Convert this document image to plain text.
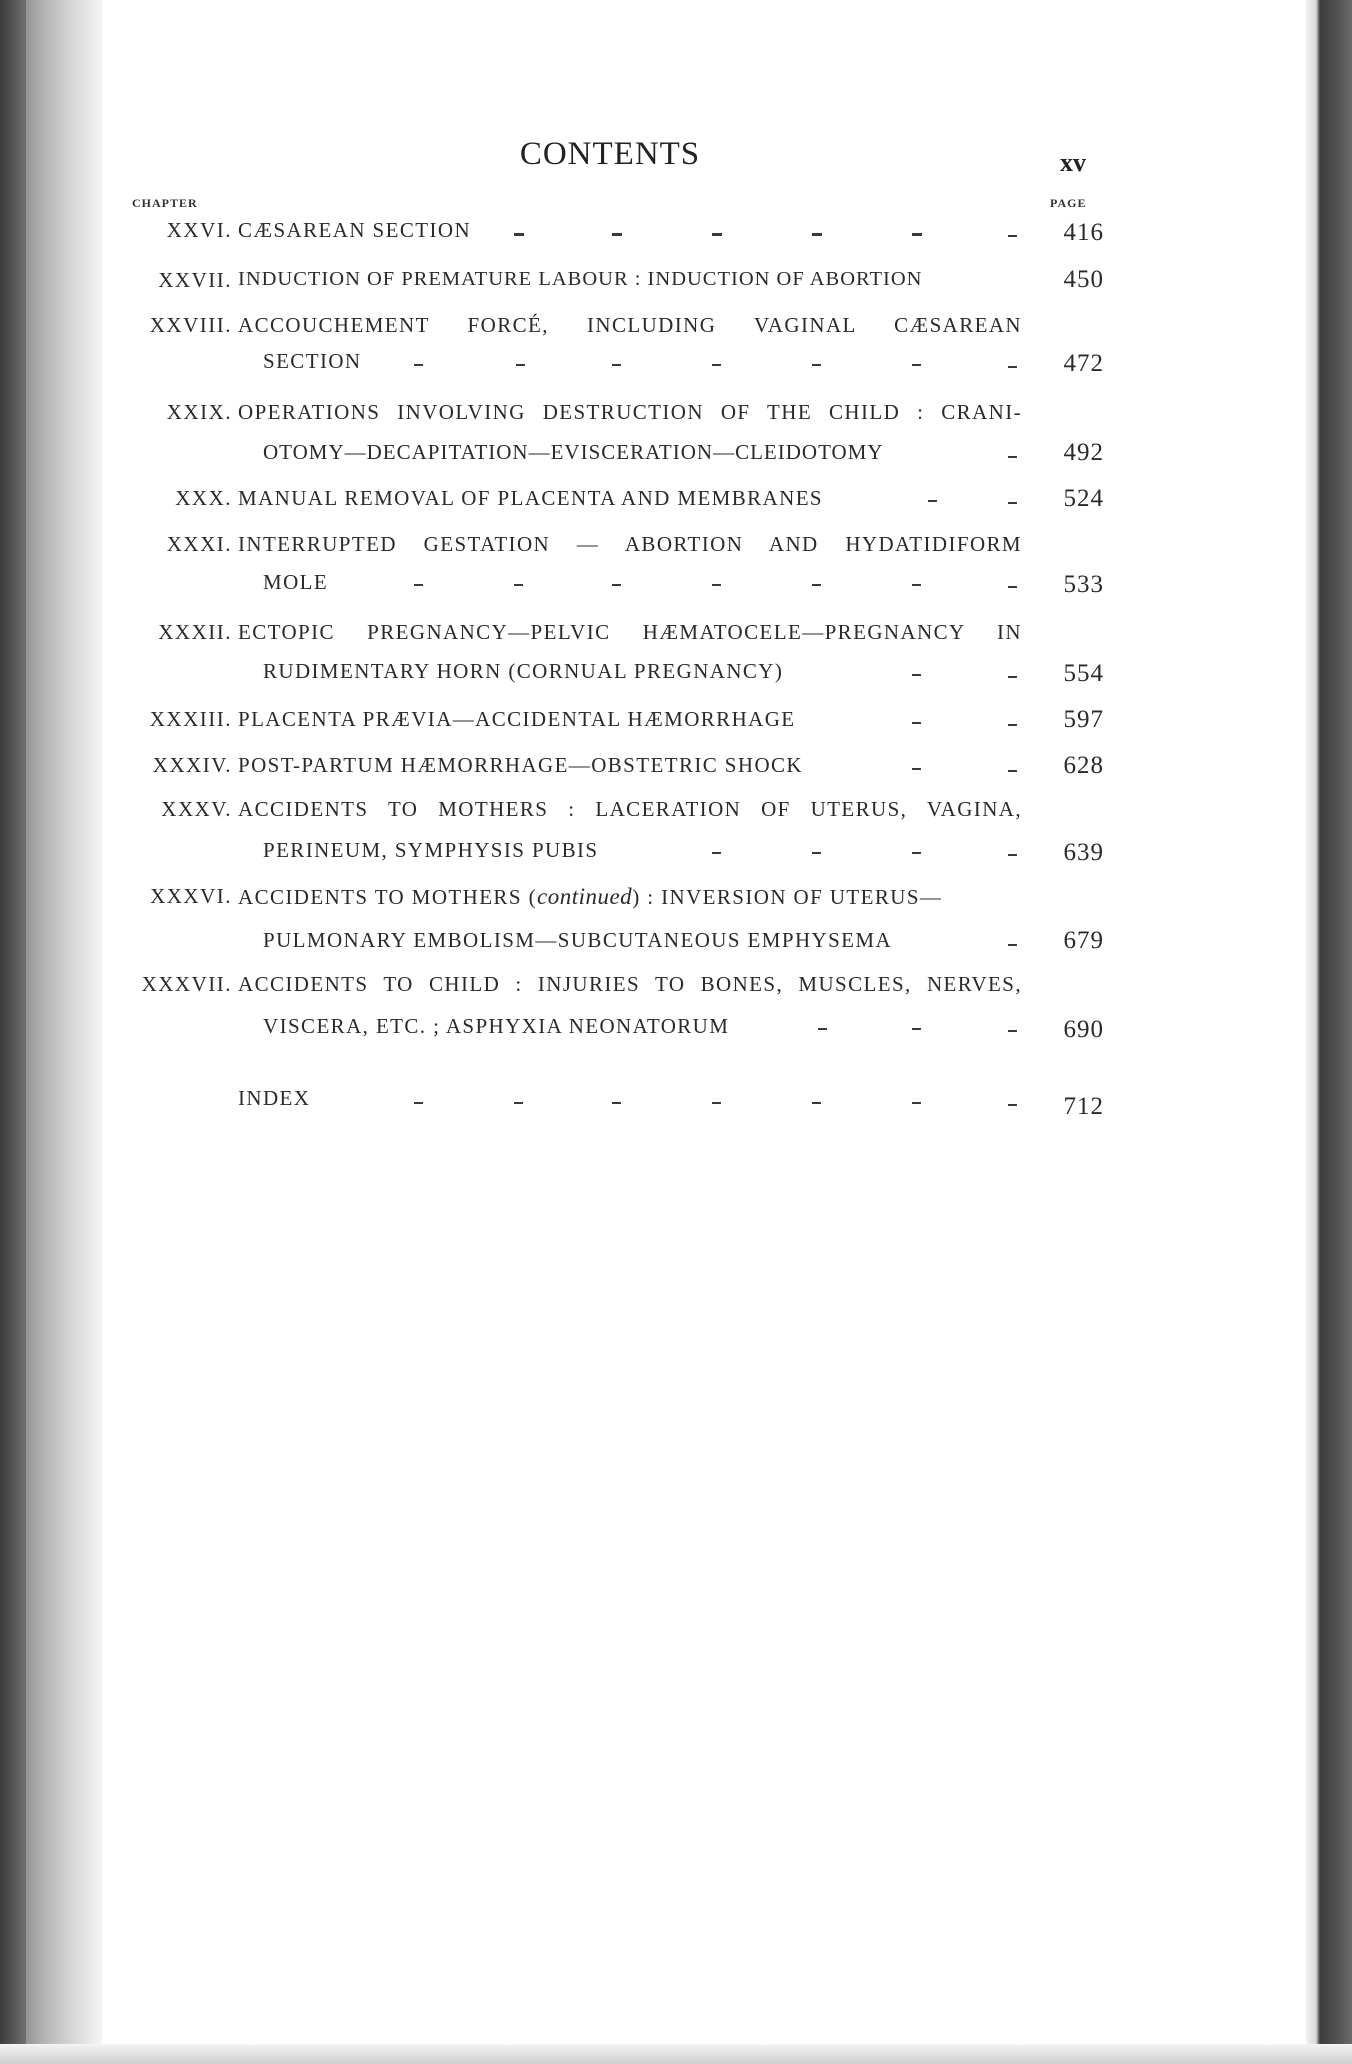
CONTENTS	xv
CHAPTER	PAGE
XXVI. CÆSAREAN SECTION	416
XXVII. INDUCTION OF PREMATURE LABOUR : INDUCTION OF ABORTION	450
XXVIII. ACCOUCHEMENT FORCÉ, INCLUDING VAGINAL CÆSAREAN
SECTION	472
XXIX. OPERATIONS INVOLVING DESTRUCTION OF THE CHILD : CRANI-
OTOMY—DECAPITATION—EVISCERATION—CLEIDOTOMY	492
XXX. MANUAL REMOVAL OF PLACENTA AND MEMBRANES	524
XXXI. INTERRUPTED GESTATION — ABORTION AND HYDATIDIFORM
MOLE	533
XXXII. ECTOPIC PREGNANCY—PELVIC HÆMATOCELE—PREGNANCY IN
RUDIMENTARY HORN (CORNUAL PREGNANCY)	554
XXXIII. PLACENTA PRÆVIA—ACCIDENTAL HÆMORRHAGE	597
XXXIV. POST-PARTUM HÆMORRHAGE—OBSTETRIC SHOCK	628
XXXV. ACCIDENTS TO MOTHERS : LACERATION OF UTERUS, VAGINA,
PERINEUM, SYMPHYSIS PUBIS	639
XXXVI. ACCIDENTS TO MOTHERS (continued) : INVERSION OF UTERUS—
PULMONARY EMBOLISM—SUBCUTANEOUS EMPHYSEMA	679
XXXVII. ACCIDENTS TO CHILD : INJURIES TO BONES, MUSCLES, NERVES,
VISCERA, ETC. ; ASPHYXIA NEONATORUM	690
INDEX	712
